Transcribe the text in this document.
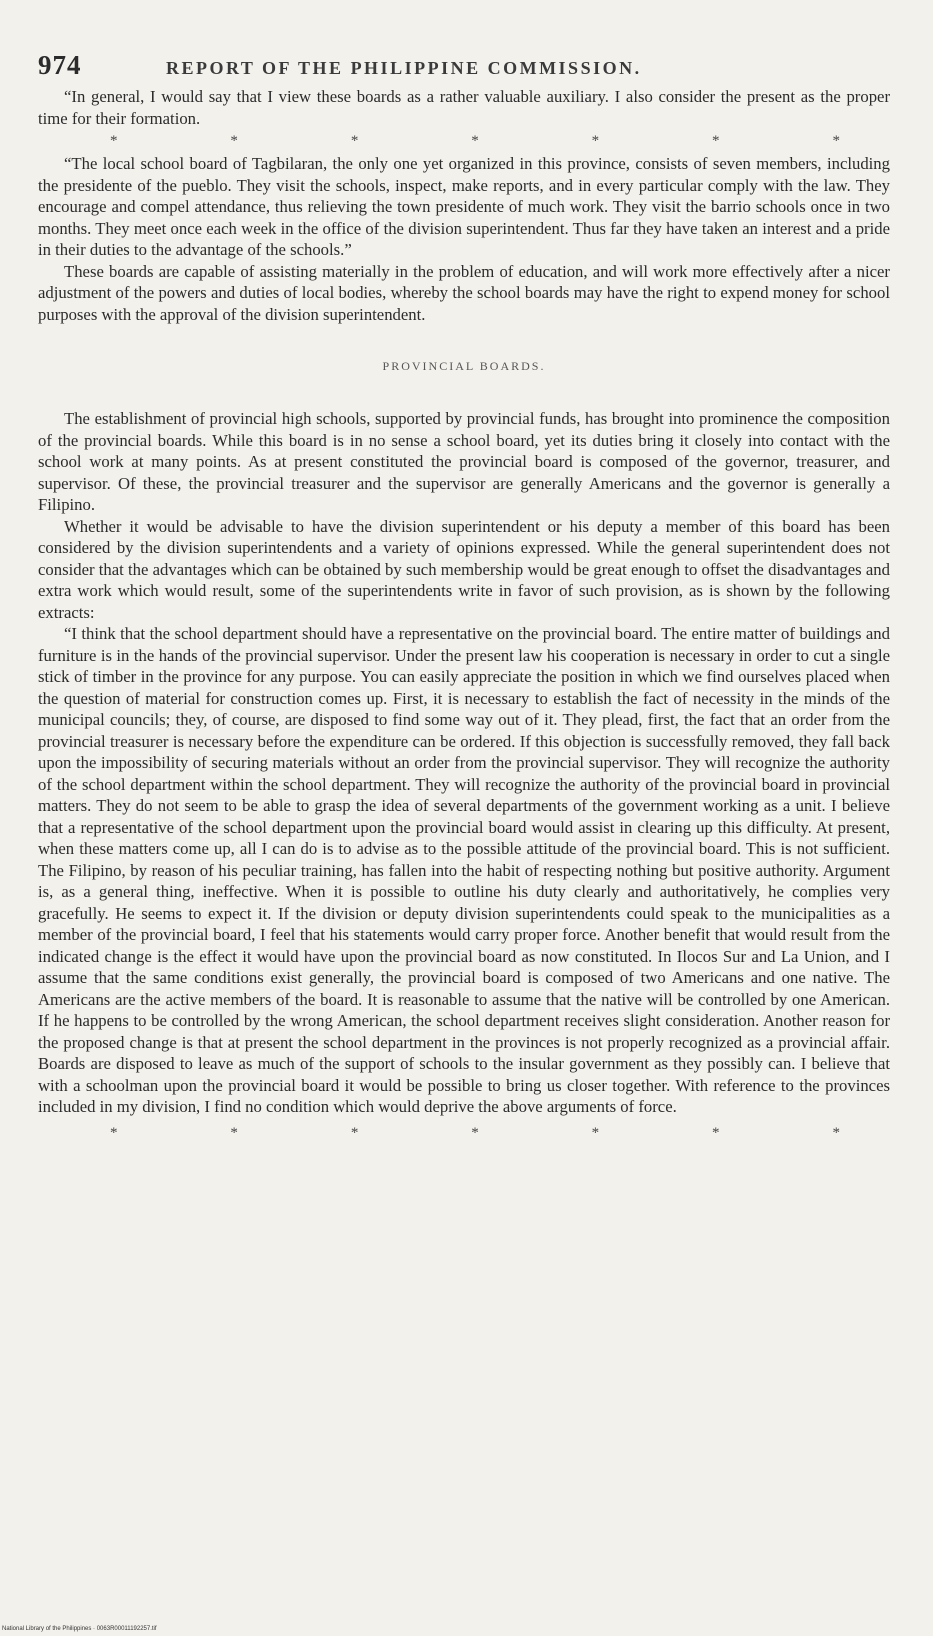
974	REPORT OF THE PHILIPPINE COMMISSION.

“In general, I would say that I view these boards as a rather valuable auxiliary. I also consider the present as the proper time for their formation.

*	*	*	*	*	*	*

“The local school board of Tagbilaran, the only one yet organized in this province, consists of seven members, including the presidente of the pueblo. They visit the schools, inspect, make reports, and in every particular comply with the law. They encourage and compel attendance, thus relieving the town presidente of much work. They visit the barrio schools once in two months. They meet once each week in the office of the division superintendent. Thus far they have taken an interest and a pride in their duties to the advantage of the schools.”

These boards are capable of assisting materially in the problem of education, and will work more effectively after a nicer adjustment of the powers and duties of local bodies, whereby the school boards may have the right to expend money for school purposes with the approval of the division superintendent.

PROVINCIAL BOARDS.

The establishment of provincial high schools, supported by provincial funds, has brought into prominence the composition of the provincial boards. While this board is in no sense a school board, yet its duties bring it closely into contact with the school work at many points. As at present constituted the provincial board is composed of the governor, treasurer, and supervisor. Of these, the provincial treasurer and the supervisor are generally Americans and the governor is generally a Filipino.

Whether it would be advisable to have the division superintendent or his deputy a member of this board has been considered by the division superintendents and a variety of opinions expressed. While the general superintendent does not consider that the advantages which can be obtained by such membership would be great enough to offset the disadvantages and extra work which would result, some of the superintendents write in favor of such provision, as is shown by the following extracts:

“I think that the school department should have a representative on the provincial board. The entire matter of buildings and furniture is in the hands of the provincial supervisor. Under the present law his cooperation is necessary in order to cut a single stick of timber in the province for any purpose. You can easily appreciate the position in which we find ourselves placed when the question of material for construction comes up. First, it is necessary to establish the fact of necessity in the minds of the municipal councils; they, of course, are disposed to find some way out of it. They plead, first, the fact that an order from the provincial treasurer is necessary before the expenditure can be ordered. If this objection is successfully removed, they fall back upon the impossibility of securing materials without an order from the provincial supervisor. They will recognize the authority of the school department within the school department. They will recognize the authority of the provincial board in provincial matters. They do not seem to be able to grasp the idea of several departments of the government working as a unit. I believe that a representative of the school department upon the provincial board would assist in clearing up this difficulty. At present, when these matters come up, all I can do is to advise as to the possible attitude of the provincial board. This is not sufficient. The Filipino, by reason of his peculiar training, has fallen into the habit of respecting nothing but positive authority. Argument is, as a general thing, ineffective. When it is possible to outline his duty clearly and authoritatively, he complies very gracefully. He seems to expect it. If the division or deputy division superintendents could speak to the municipalities as a member of the provincial board, I feel that his statements would carry proper force. Another benefit that would result from the indicated change is the effect it would have upon the provincial board as now constituted. In Ilocos Sur and La Union, and I assume that the same conditions exist generally, the provincial board is composed of two Americans and one native. The Americans are the active members of the board. It is reasonable to assume that the native will be controlled by one American. If he happens to be controlled by the wrong American, the school department receives slight consideration. Another reason for the proposed change is that at present the school department in the provinces is not properly recognized as a provincial affair. Boards are disposed to leave as much of the support of schools to the insular government as they possibly can. I believe that with a schoolman upon the provincial board it would be possible to bring us closer together. With reference to the provinces included in my division, I find no condition which would deprive the above arguments of force.

*	*	*	*	*	*	*
National Library of the Philippines · 0063R00011192257.tif
